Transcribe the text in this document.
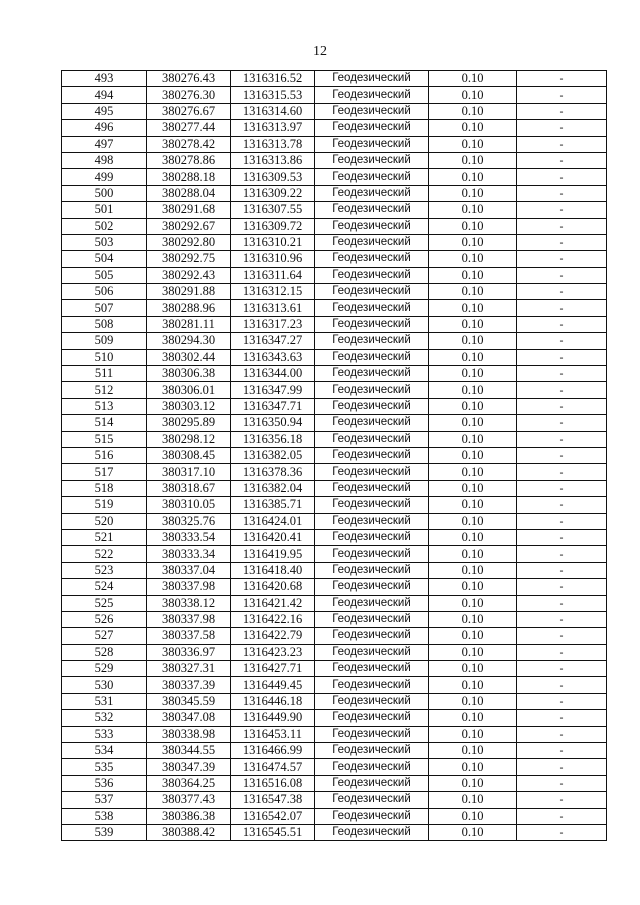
12
493	380276.43	1316316.52	Геодезический	0.10	-
494	380276.30	1316315.53	Геодезический	0.10	-
495	380276.67	1316314.60	Геодезический	0.10	-
496	380277.44	1316313.97	Геодезический	0.10	-
497	380278.42	1316313.78	Геодезический	0.10	-
498	380278.86	1316313.86	Геодезический	0.10	-
499	380288.18	1316309.53	Геодезический	0.10	-
500	380288.04	1316309.22	Геодезический	0.10	-
501	380291.68	1316307.55	Геодезический	0.10	-
502	380292.67	1316309.72	Геодезический	0.10	-
503	380292.80	1316310.21	Геодезический	0.10	-
504	380292.75	1316310.96	Геодезический	0.10	-
505	380292.43	1316311.64	Геодезический	0.10	-
506	380291.88	1316312.15	Геодезический	0.10	-
507	380288.96	1316313.61	Геодезический	0.10	-
508	380281.11	1316317.23	Геодезический	0.10	-
509	380294.30	1316347.27	Геодезический	0.10	-
510	380302.44	1316343.63	Геодезический	0.10	-
511	380306.38	1316344.00	Геодезический	0.10	-
512	380306.01	1316347.99	Геодезический	0.10	-
513	380303.12	1316347.71	Геодезический	0.10	-
514	380295.89	1316350.94	Геодезический	0.10	-
515	380298.12	1316356.18	Геодезический	0.10	-
516	380308.45	1316382.05	Геодезический	0.10	-
517	380317.10	1316378.36	Геодезический	0.10	-
518	380318.67	1316382.04	Геодезический	0.10	-
519	380310.05	1316385.71	Геодезический	0.10	-
520	380325.76	1316424.01	Геодезический	0.10	-
521	380333.54	1316420.41	Геодезический	0.10	-
522	380333.34	1316419.95	Геодезический	0.10	-
523	380337.04	1316418.40	Геодезический	0.10	-
524	380337.98	1316420.68	Геодезический	0.10	-
525	380338.12	1316421.42	Геодезический	0.10	-
526	380337.98	1316422.16	Геодезический	0.10	-
527	380337.58	1316422.79	Геодезический	0.10	-
528	380336.97	1316423.23	Геодезический	0.10	-
529	380327.31	1316427.71	Геодезический	0.10	-
530	380337.39	1316449.45	Геодезический	0.10	-
531	380345.59	1316446.18	Геодезический	0.10	-
532	380347.08	1316449.90	Геодезический	0.10	-
533	380338.98	1316453.11	Геодезический	0.10	-
534	380344.55	1316466.99	Геодезический	0.10	-
535	380347.39	1316474.57	Геодезический	0.10	-
536	380364.25	1316516.08	Геодезический	0.10	-
537	380377.43	1316547.38	Геодезический	0.10	-
538	380386.38	1316542.07	Геодезический	0.10	-
539	380388.42	1316545.51	Геодезический	0.10	-
